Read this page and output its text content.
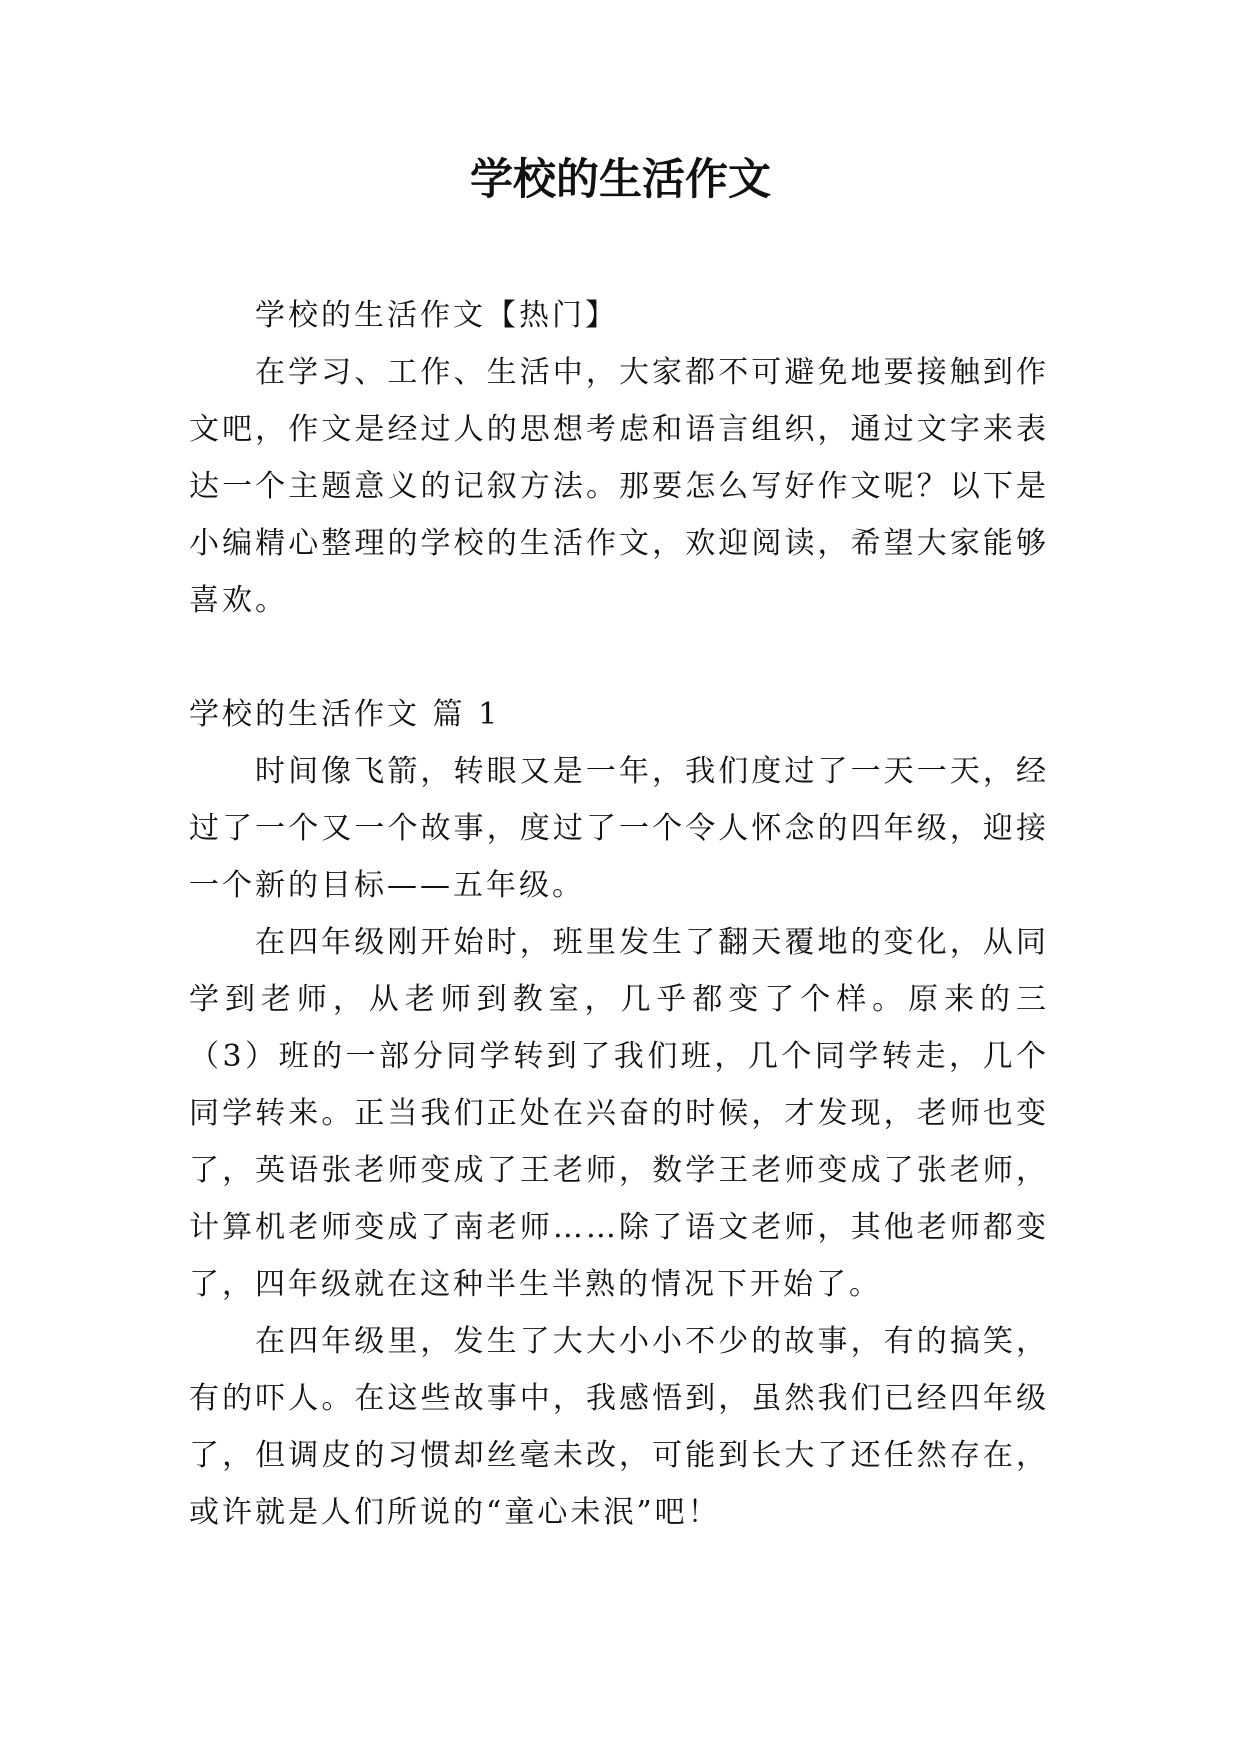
学校的生活作文

学校的生活作文【热门】

在学习、工作、生活中，大家都不可避免地要接触到作文吧，作文是经过人的思想考虑和语言组织，通过文字来表达一个主题意义的记叙方法。那要怎么写好作文呢？以下是小编精心整理的学校的生活作文，欢迎阅读，希望大家能够喜欢。

学校的生活作文 篇 1

时间像飞箭，转眼又是一年，我们度过了一天一天，经过了一个又一个故事，度过了一个令人怀念的四年级，迎接一个新的目标——五年级。

在四年级刚开始时，班里发生了翻天覆地的变化，从同学到老师，从老师到教室，几乎都变了个样。原来的三（3）班的一部分同学转到了我们班，几个同学转走，几个同学转来。正当我们正处在兴奋的时候，才发现，老师也变了，英语张老师变成了王老师，数学王老师变成了张老师，计算机老师变成了南老师……除了语文老师，其他老师都变了，四年级就在这种半生半熟的情况下开始了。

在四年级里，发生了大大小小不少的故事，有的搞笑，有的吓人。在这些故事中，我感悟到，虽然我们已经四年级了，但调皮的习惯却丝毫未改，可能到长大了还任然存在，或许就是人们所说的“童心未泯”吧！
